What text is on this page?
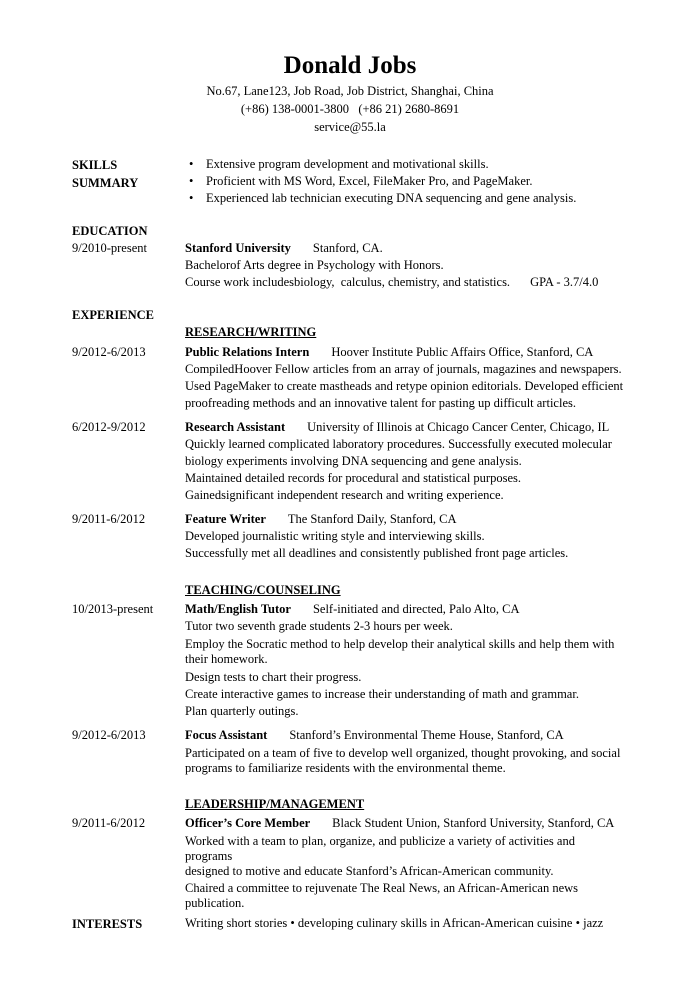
Donald Jobs
No.67, Lane123, Job Road, Job District, Shanghai, China
(+86) 138-0001-3800   (+86 21) 2680-8691
service@55.la
SKILLS
SUMMARY
• Extensive program development and motivational skills.
• Proficient with MS Word, Excel, FileMaker Pro, and PageMaker.
• Experienced lab technician executing DNA sequencing and gene analysis.
EDUCATION
9/2010-present	Stanford University Stanford, CA.
Bachelorof Arts degree in Psychology with Honors.
Course work includesbiology,  calculus, chemistry, and statistics. GPA - 3.7/4.0
EXPERIENCE
RESEARCH/WRITING
9/2012-6/2013	Public Relations Intern Hoover Institute Public Affairs Office, Stanford, CA
CompiledHoover Fellow articles from an array of journals, magazines and newspapers.
Used PageMaker to create mastheads and retype opinion editorials. Developed efficient
proofreading methods and an innovative talent for pasting up difficult articles.
6/2012-9/2012	Research Assistant University of Illinois at Chicago Cancer Center, Chicago, IL
Quickly learned complicated laboratory procedures. Successfully executed molecular
biology experiments involving DNA sequencing and gene analysis.
Maintained detailed records for procedural and statistical purposes.
Gainedsignificant independent research and writing experience.
9/2011-6/2012	Feature Writer The Stanford Daily, Stanford, CA
Developed journalistic writing style and interviewing skills.
Successfully met all deadlines and consistently published front page articles.
TEACHING/COUNSELING
10/2013-present	Math/English Tutor Self-initiated and directed, Palo Alto, CA
Tutor two seventh grade students 2-3 hours per week.
Employ the Socratic method to help develop their analytical skills and help them with
their homework.
Design tests to chart their progress.
Create interactive games to increase their understanding of math and grammar.
Plan quarterly outings.
9/2012-6/2013	Focus Assistant Stanford’s Environmental Theme House, Stanford, CA
Participated on a team of five to develop well organized, thought provoking, and social
programs to familiarize residents with the environmental theme.
LEADERSHIP/MANAGEMENT
9/2011-6/2012	Officer’s Core Member Black Student Union, Stanford University, Stanford, CA
Worked with a team to plan, organize, and publicize a variety of activities and programs
designed to motive and educate Stanford’s African-American community.
Chaired a committee to rejuvenate The Real News, an African-American news
publication.
INTERESTS	Writing short stories • developing culinary skills in African-American cuisine • jazz
